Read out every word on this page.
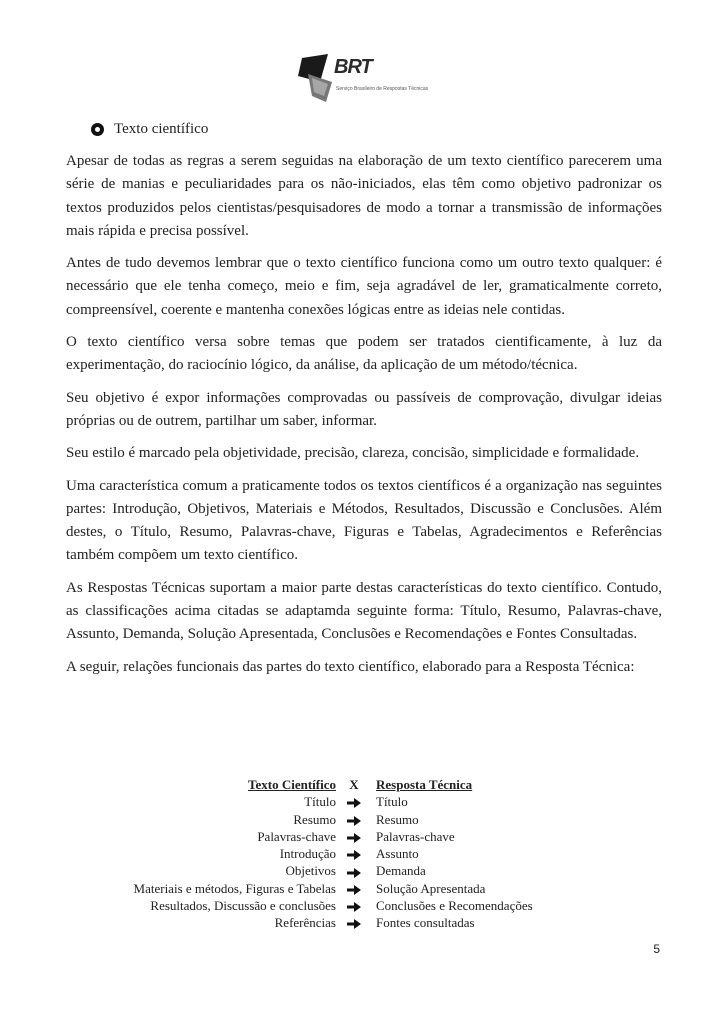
BRT
Serviço Brasileiro de Respostas Técnicas
Texto científico

Apesar de todas as regras a serem seguidas na elaboração de um texto científico parecerem uma série de manias e peculiaridades para os não-iniciados, elas têm como objetivo padronizar os textos produzidos pelos cientistas/pesquisadores de modo a tornar a transmissão de informações mais rápida e precisa possível.

Antes de tudo devemos lembrar que o texto científico funciona como um outro texto qualquer: é necessário que ele tenha começo, meio e fim, seja agradável de ler, gramaticalmente correto, compreensível, coerente e mantenha conexões lógicas entre as ideias nele contidas.

O texto científico versa sobre temas que podem ser tratados cientificamente, à luz da experimentação, do raciocínio lógico, da análise, da aplicação de um método/técnica.

Seu objetivo é expor informações comprovadas ou passíveis de comprovação, divulgar ideias próprias ou de outrem, partilhar um saber, informar.

Seu estilo é marcado pela objetividade, precisão, clareza, concisão, simplicidade e formalidade.

Uma característica comum a praticamente todos os textos científicos é a organização nas seguintes partes: Introdução, Objetivos, Materiais e Métodos, Resultados, Discussão e Conclusões. Além destes, o Título, Resumo, Palavras-chave, Figuras e Tabelas, Agradecimentos e Referências também compõem um texto científico.

As Respostas Técnicas suportam a maior parte destas características do texto científico. Contudo, as classificações acima citadas se adaptamda seguinte forma: Título, Resumo, Palavras-chave, Assunto, Demanda, Solução Apresentada, Conclusões e Recomendações e Fontes Consultadas.

A seguir, relações funcionais das partes do texto científico, elaborado para a Resposta Técnica:

Texto Científico	X	Resposta Técnica
Título	Título
Resumo	Resumo
Palavras-chave	Palavras-chave
Introdução	Assunto
Objetivos	Demanda
Materiais e métodos, Figuras e Tabelas	Solução Apresentada
Resultados, Discussão e conclusões	Conclusões e Recomendações
Referências	Fontes consultadas
5
